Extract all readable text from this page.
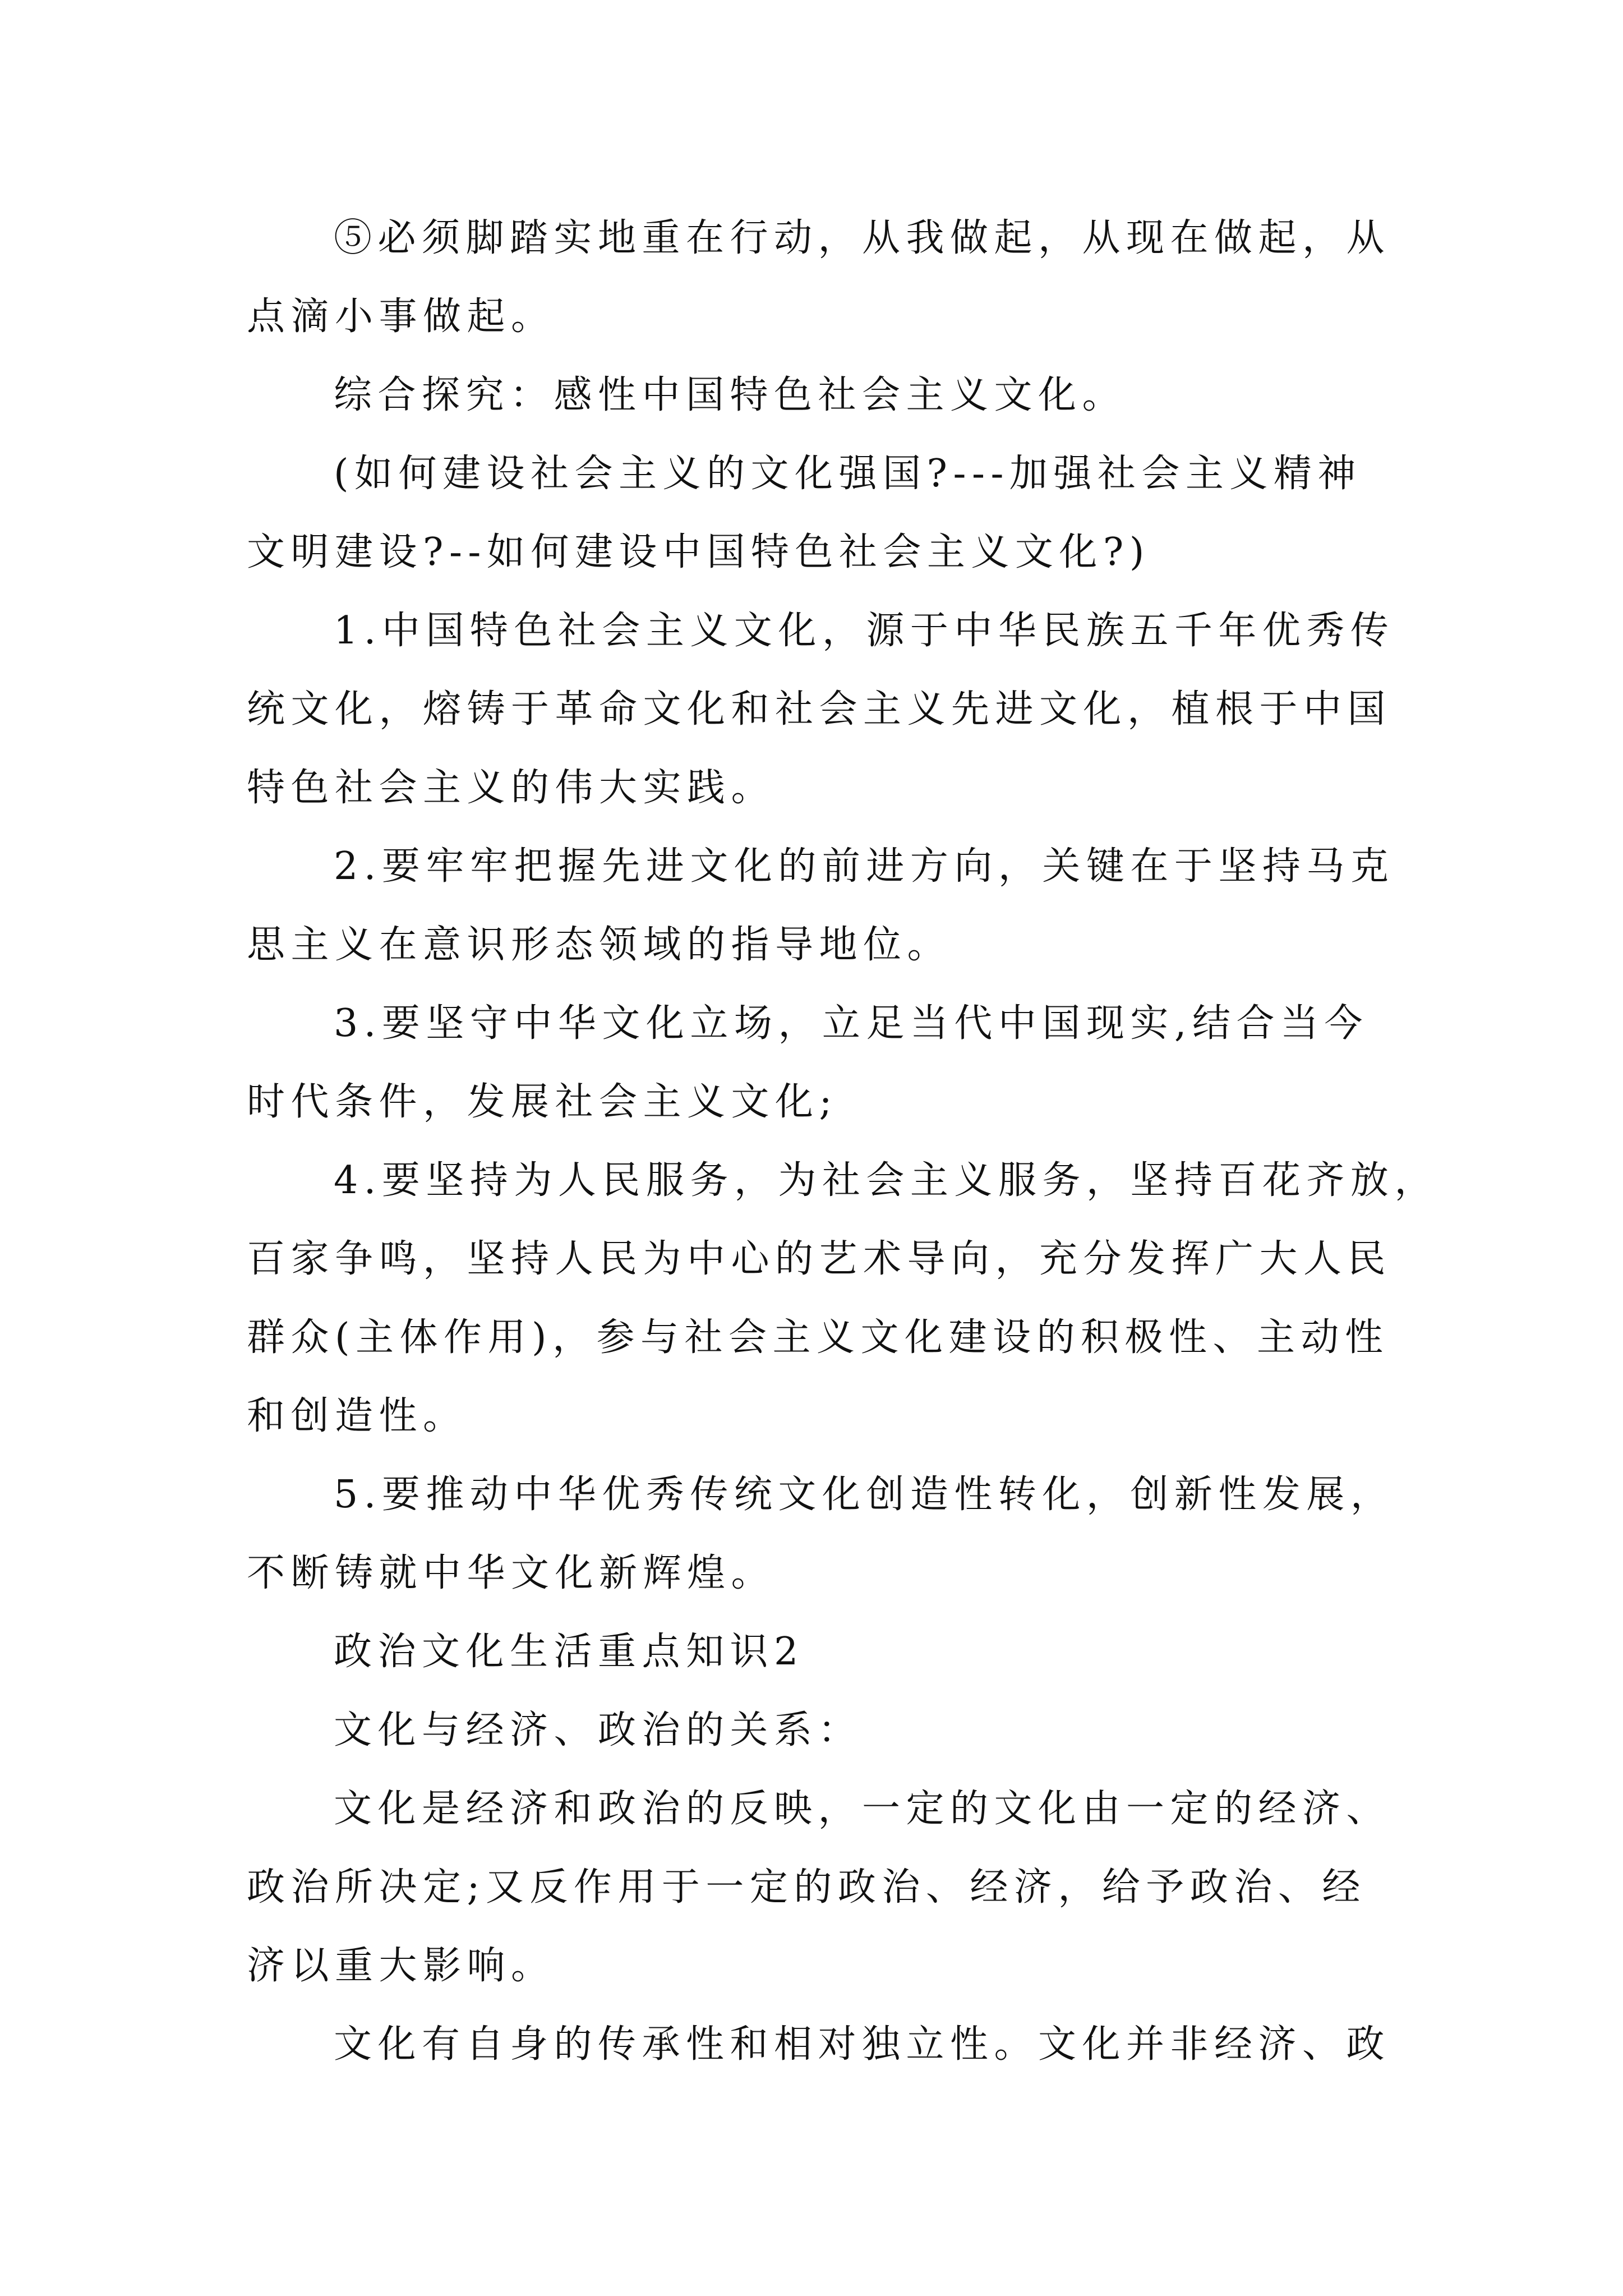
⑤必须脚踏实地重在行动，从我做起，从现在做起，从
点滴小事做起。
综合探究：感性中国特色社会主义文化。
(如何建设社会主义的文化强国?---加强社会主义精神
文明建设?--如何建设中国特色社会主义文化?)
1.中国特色社会主义文化，源于中华民族五千年优秀传
统文化，熔铸于革命文化和社会主义先进文化，植根于中国
特色社会主义的伟大实践。
2.要牢牢把握先进文化的前进方向，关键在于坚持马克
思主义在意识形态领域的指导地位。
3.要坚守中华文化立场，立足当代中国现实,结合当今
时代条件，发展社会主义文化;
4.要坚持为人民服务，为社会主义服务，坚持百花齐放，
百家争鸣，坚持人民为中心的艺术导向，充分发挥广大人民
群众(主体作用)，参与社会主义文化建设的积极性、主动性
和创造性。
5.要推动中华优秀传统文化创造性转化，创新性发展，
不断铸就中华文化新辉煌。
政治文化生活重点知识2
文化与经济、政治的关系：
文化是经济和政治的反映，一定的文化由一定的经济、
政治所决定;又反作用于一定的政治、经济，给予政治、经
济以重大影响。
文化有自身的传承性和相对独立性。文化并非经济、政
